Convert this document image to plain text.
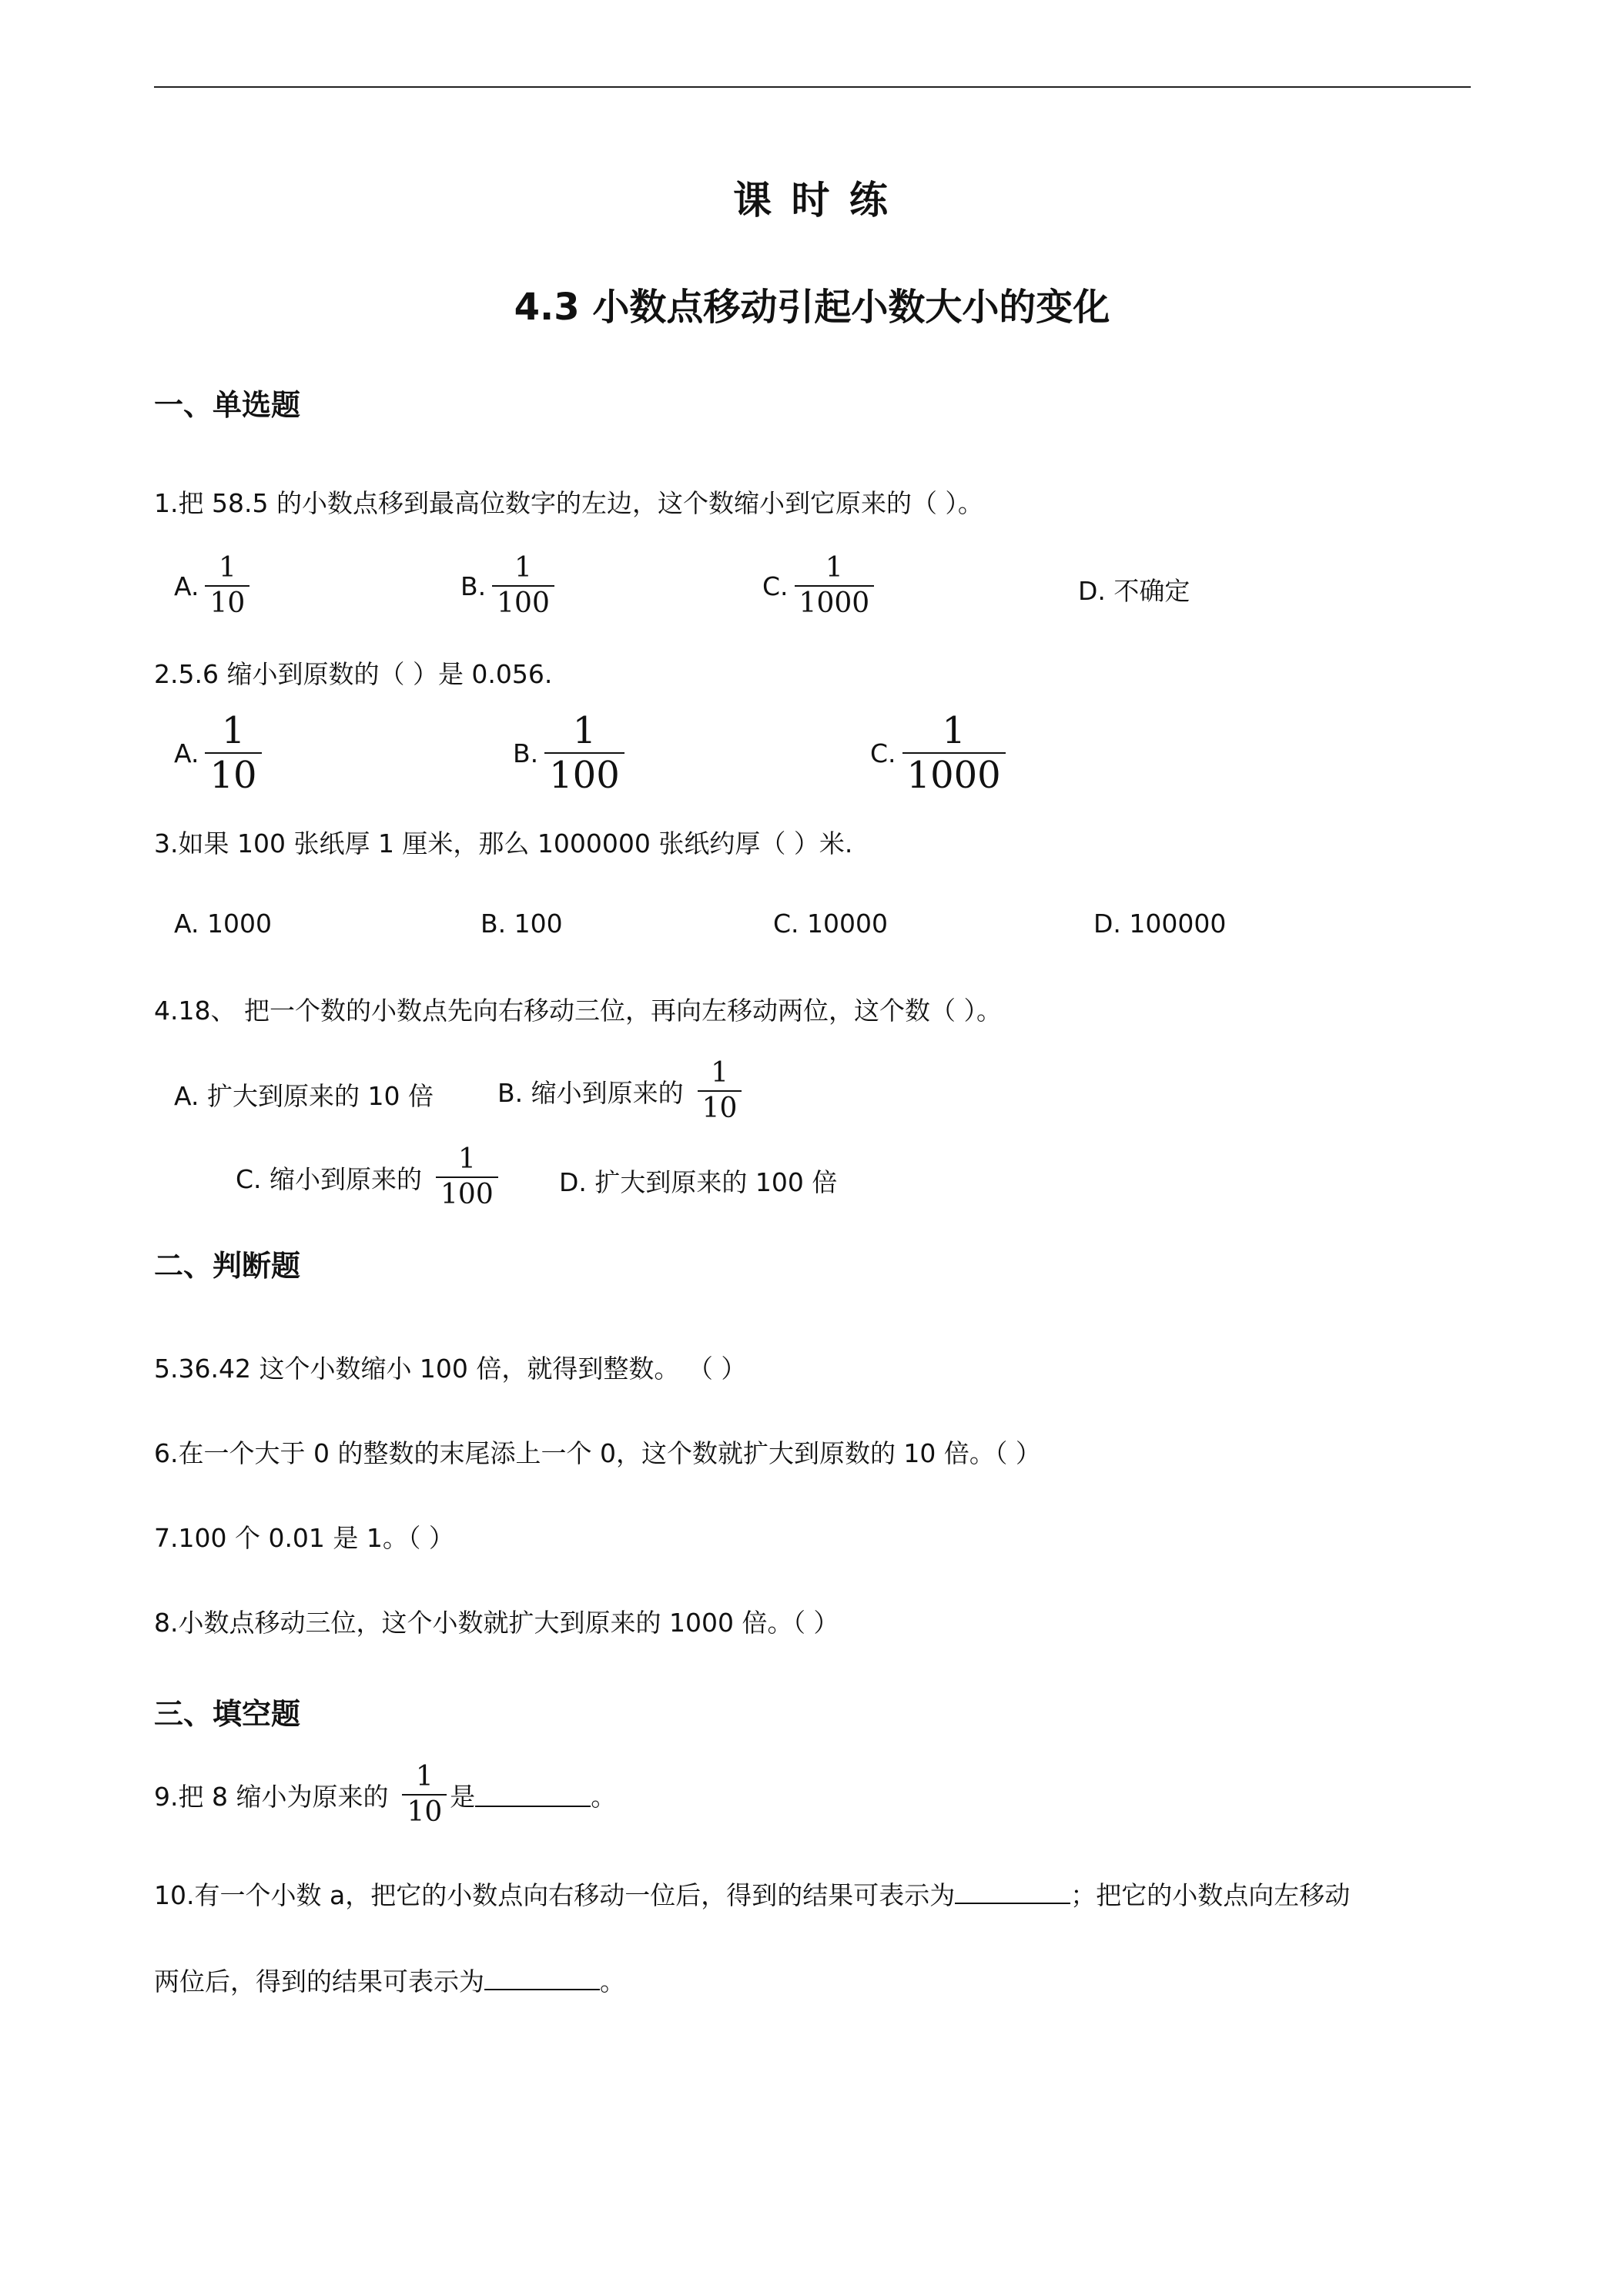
课 时 练
4.3 小数点移动引起小数大小的变化
一、单选题
1.把 58.5 的小数点移到最高位数字的左边，这个数缩小到它原来的（ ）。
A. $\frac{1}{10}$	B. $\frac{1}{100}$	C. $\frac{1}{1000}$	D. 不确定
2.5.6 缩小到原数的（ ）是 0.056.
A. $\frac{1}{10}$	B. $\frac{1}{100}$	C. $\frac{1}{1000}$
3.如果 100 张纸厚 1 厘米，那么 1000000 张纸约厚（ ）米.
A. 1000	B. 100	C. 10000	D. 100000
4.18、 把一个数的小数点先向右移动三位，再向左移动两位，这个数（ ）。
A. 扩大到原来的 10 倍	B. 缩小到原来的 $\frac{1}{10}$
C. 缩小到原来的 $\frac{1}{100} D$. 扩大到原来的 100 倍
二、判断题
5.36.42 这个小数缩小 100 倍，就得到整数。 （ ）
6.在一个大于 0 的整数的末尾添上一个 0，这个数就扩大到原数的 10 倍。（ ）
7.100 个 0.01 是 1。（ ）
8.小数点移动三位，这个小数就扩大到原来的 1000 倍。（ ）
三、填空题
9.把 8 缩小为原来的 $\frac{1}{10}$ 是	。
10.有一个小数 a，把它的小数点向右移动一位后，得到的结果可表示为	；把它的小数点向左移动
两位后，得到的结果可表示为	。
